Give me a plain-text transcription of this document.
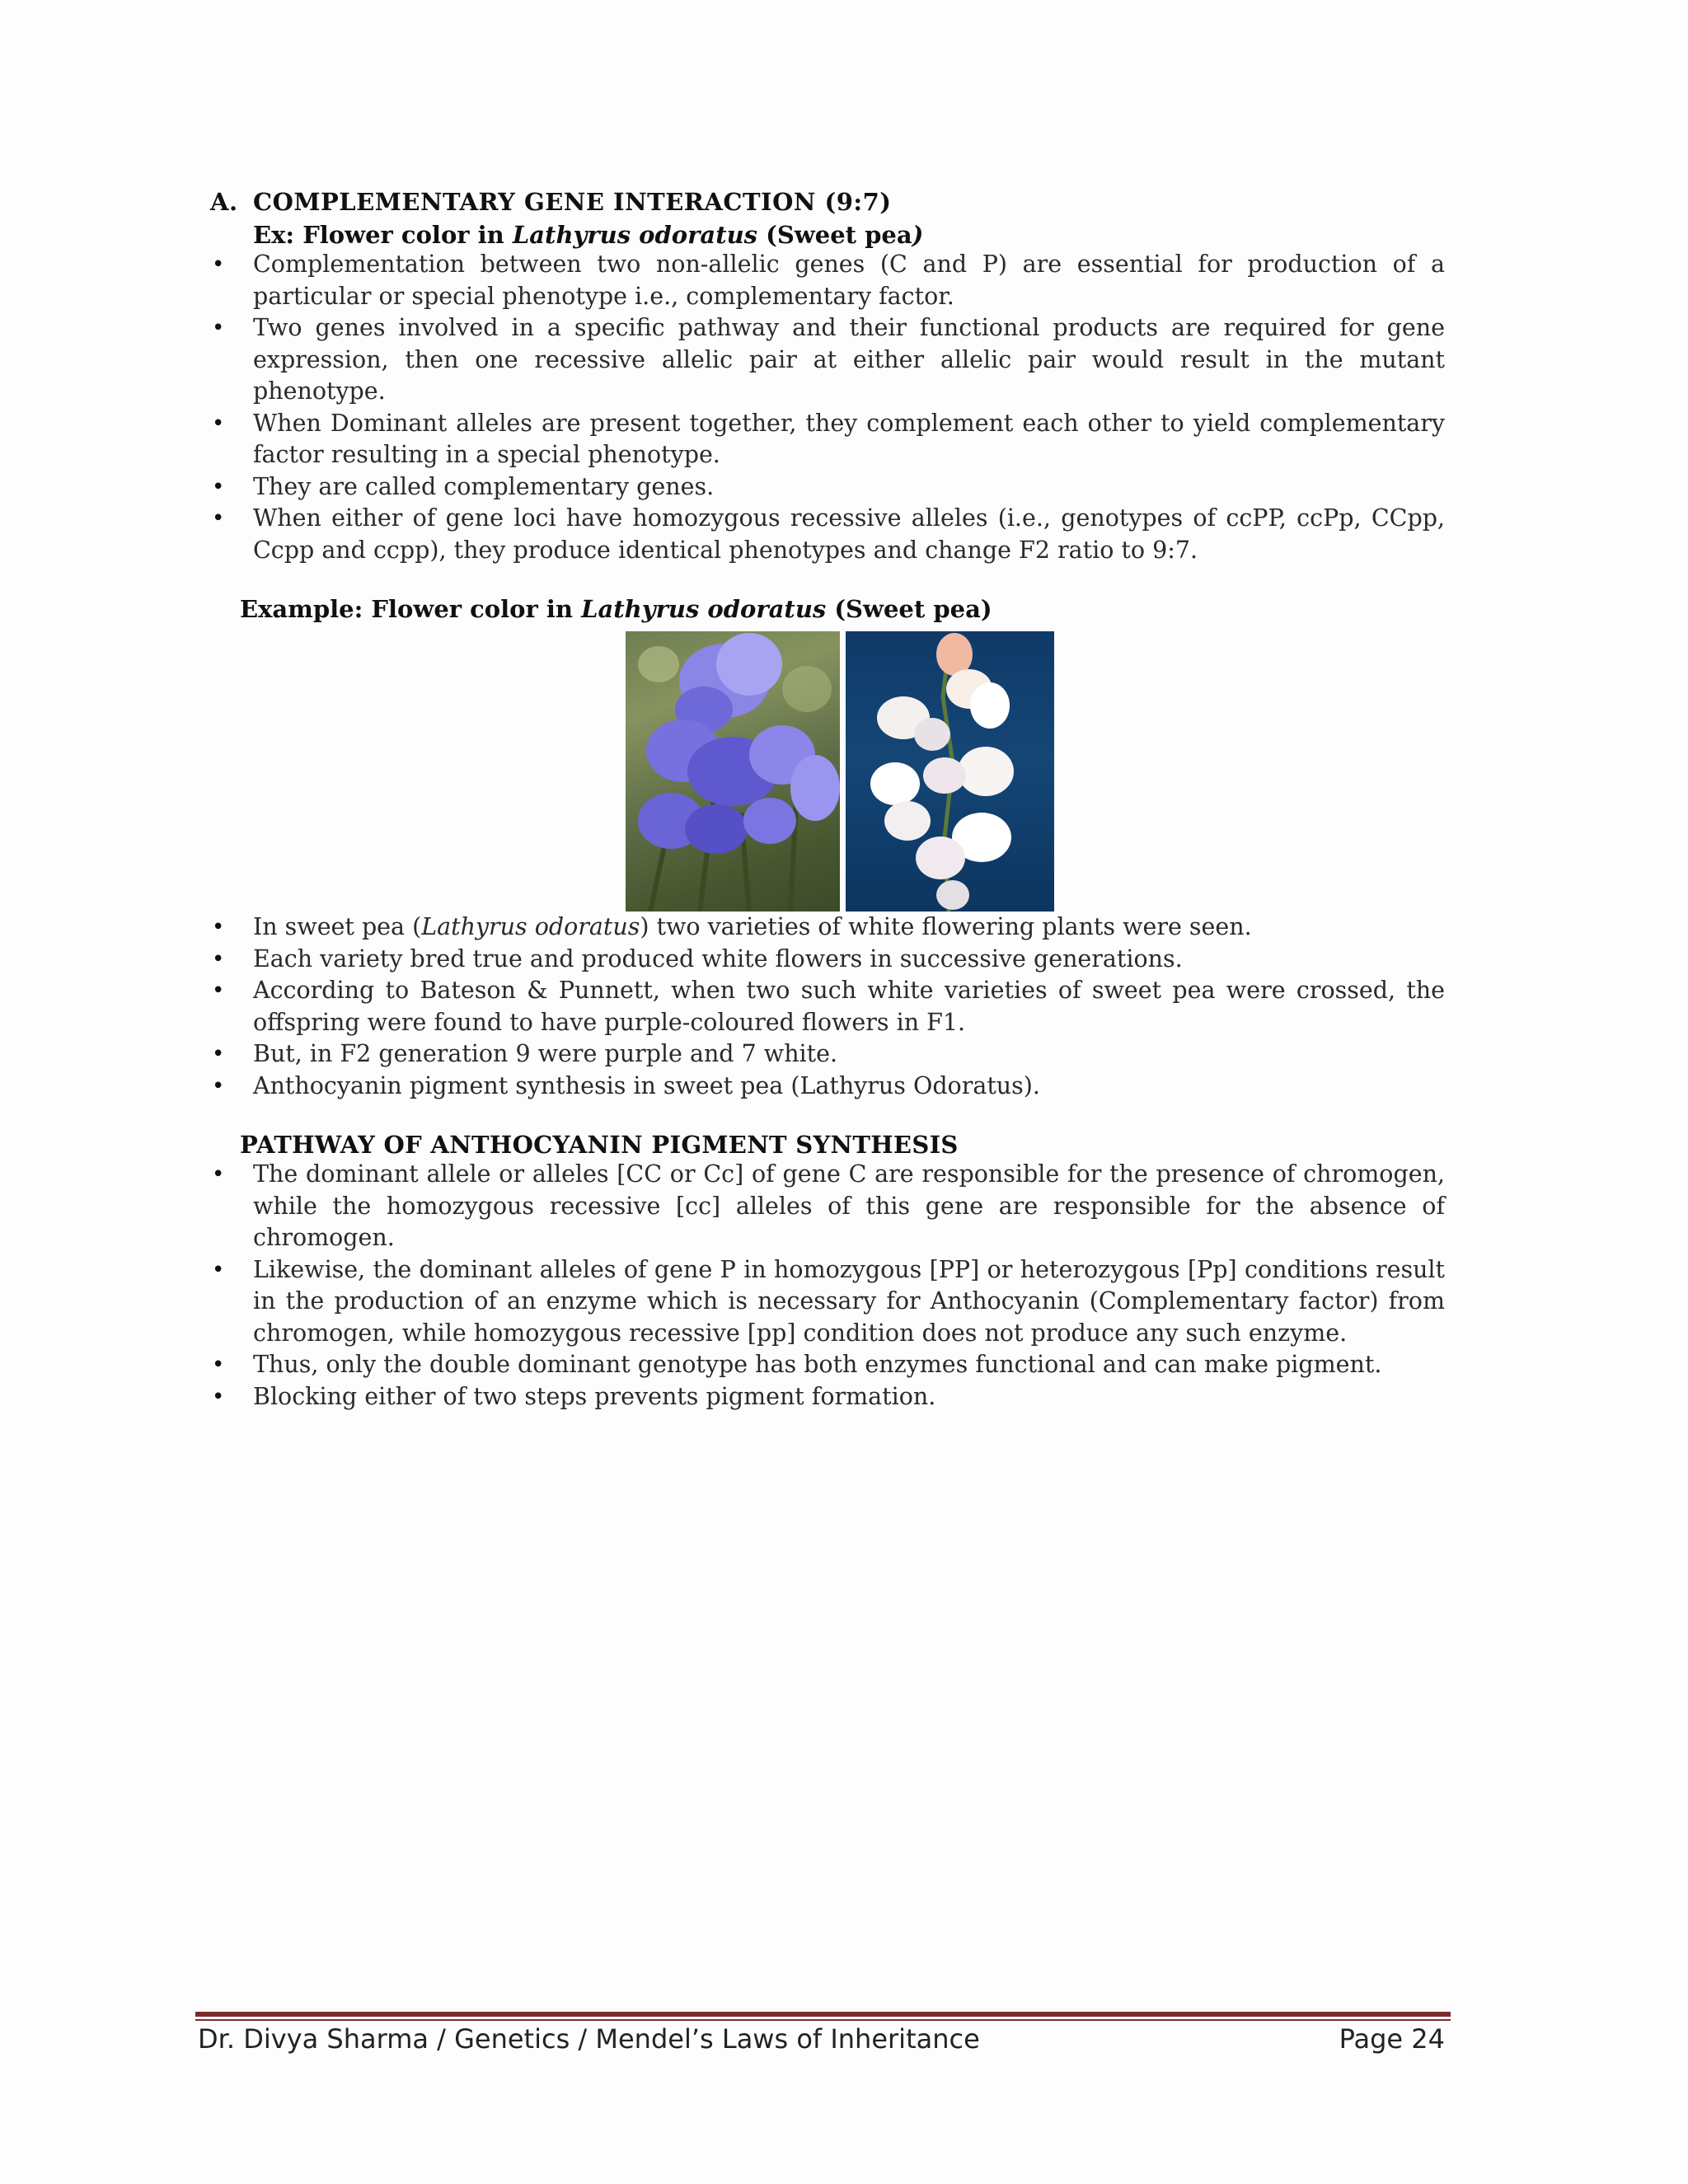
A. COMPLEMENTARY GENE INTERACTION (9:7)
Ex: Flower color in Lathyrus odoratus (Sweet pea)
• Complementation between two non-allelic genes (C and P) are essential for production of a particular or special phenotype i.e., complementary factor.
• Two genes involved in a specific pathway and their functional products are required for gene expression, then one recessive allelic pair at either allelic pair would result in the mutant phenotype.
• When Dominant alleles are present together, they complement each other to yield complementary factor resulting in a special phenotype.
• They are called complementary genes.
• When either of gene loci have homozygous recessive alleles (i.e., genotypes of ccPP, ccPp, CCpp, Ccpp and ccpp), they produce identical phenotypes and change F2 ratio to 9:7.
Example: Flower color in Lathyrus odoratus (Sweet pea)
• In sweet pea (Lathyrus odoratus) two varieties of white flowering plants were seen.
• Each variety bred true and produced white flowers in successive generations.
• According to Bateson & Punnett, when two such white varieties of sweet pea were crossed, the offspring were found to have purple-coloured flowers in F1.
• But, in F2 generation 9 were purple and 7 white.
• Anthocyanin pigment synthesis in sweet pea (Lathyrus Odoratus).
PATHWAY OF ANTHOCYANIN PIGMENT SYNTHESIS
• The dominant allele or alleles [CC or Cc] of gene C are responsible for the presence of chromogen, while the homozygous recessive [cc] alleles of this gene are responsible for the absence of chromogen.
• Likewise, the dominant alleles of gene P in homozygous [PP] or heterozygous [Pp] conditions result in the production of an enzyme which is necessary for Anthocyanin (Complementary factor) from chromogen, while homozygous recessive [pp] condition does not produce any such enzyme.
• Thus, only the double dominant genotype has both enzymes functional and can make pigment.
• Blocking either of two steps prevents pigment formation.
Dr. Divya Sharma / Genetics / Mendel’s Laws of Inheritance	Page 24
